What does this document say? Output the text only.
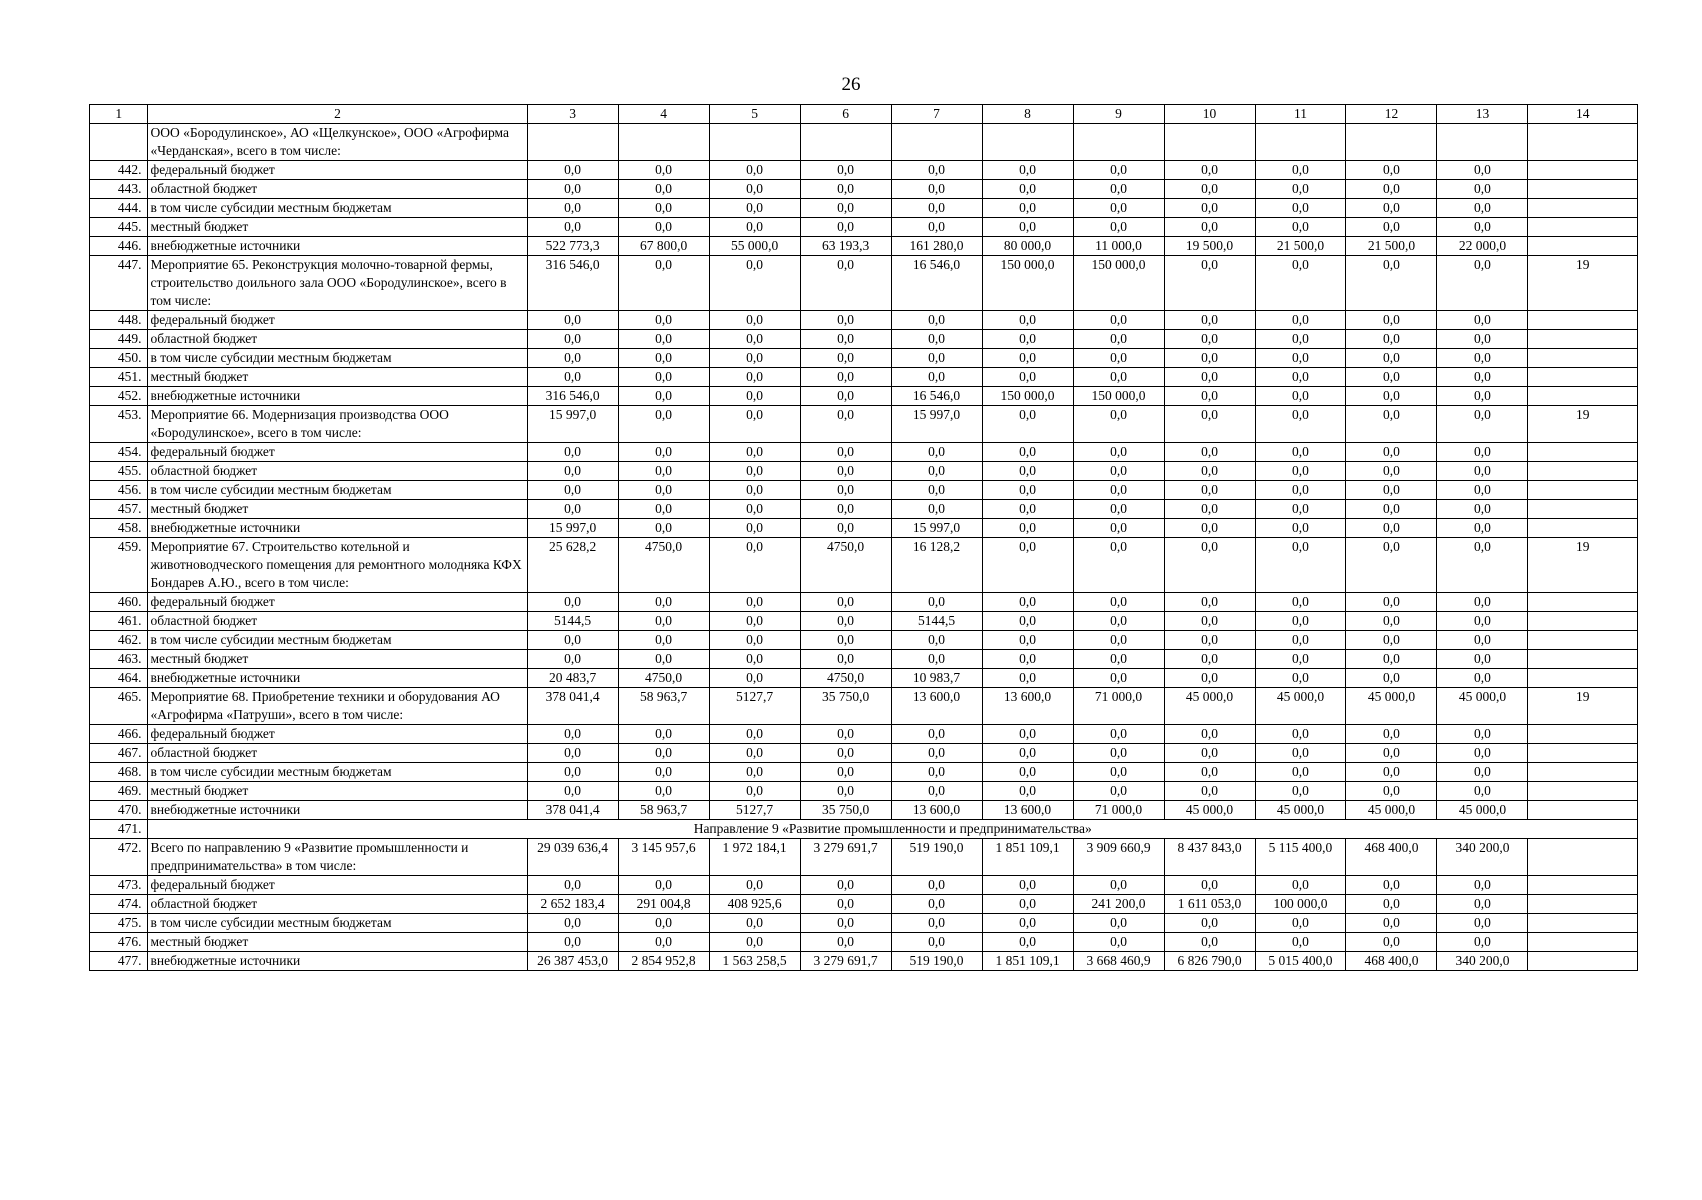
26
1	2	3	4	5	6	7	8	9	10	11	12	13	14
	ООО «Бородулинское», АО «Щелкунское», ООО «Агрофирма «Черданская», всего в том числе:												
442.	федеральный бюджет	0,0	0,0	0,0	0,0	0,0	0,0	0,0	0,0	0,0	0,0	0,0	
443.	областной бюджет	0,0	0,0	0,0	0,0	0,0	0,0	0,0	0,0	0,0	0,0	0,0	
444.	в том числе субсидии местным бюджетам	0,0	0,0	0,0	0,0	0,0	0,0	0,0	0,0	0,0	0,0	0,0	
445.	местный бюджет	0,0	0,0	0,0	0,0	0,0	0,0	0,0	0,0	0,0	0,0	0,0	
446.	внебюджетные источники	522 773,3	67 800,0	55 000,0	63 193,3	161 280,0	80 000,0	11 000,0	19 500,0	21 500,0	21 500,0	22 000,0	
447.	Мероприятие 65. Реконструкция молочно-товарной фермы, строительство доильного зала ООО «Бородулинское», всего в том числе:	316 546,0	0,0	0,0	0,0	16 546,0	150 000,0	150 000,0	0,0	0,0	0,0	0,0	19
448.	федеральный бюджет	0,0	0,0	0,0	0,0	0,0	0,0	0,0	0,0	0,0	0,0	0,0	
449.	областной бюджет	0,0	0,0	0,0	0,0	0,0	0,0	0,0	0,0	0,0	0,0	0,0	
450.	в том числе субсидии местным бюджетам	0,0	0,0	0,0	0,0	0,0	0,0	0,0	0,0	0,0	0,0	0,0	
451.	местный бюджет	0,0	0,0	0,0	0,0	0,0	0,0	0,0	0,0	0,0	0,0	0,0	
452.	внебюджетные источники	316 546,0	0,0	0,0	0,0	16 546,0	150 000,0	150 000,0	0,0	0,0	0,0	0,0	
453.	Мероприятие 66. Модернизация производства ООО «Бородулинское», всего в том числе:	15 997,0	0,0	0,0	0,0	15 997,0	0,0	0,0	0,0	0,0	0,0	0,0	19
454.	федеральный бюджет	0,0	0,0	0,0	0,0	0,0	0,0	0,0	0,0	0,0	0,0	0,0	
455.	областной бюджет	0,0	0,0	0,0	0,0	0,0	0,0	0,0	0,0	0,0	0,0	0,0	
456.	в том числе субсидии местным бюджетам	0,0	0,0	0,0	0,0	0,0	0,0	0,0	0,0	0,0	0,0	0,0	
457.	местный бюджет	0,0	0,0	0,0	0,0	0,0	0,0	0,0	0,0	0,0	0,0	0,0	
458.	внебюджетные источники	15 997,0	0,0	0,0	0,0	15 997,0	0,0	0,0	0,0	0,0	0,0	0,0	
459.	Мероприятие 67. Строительство котельной и животноводческого помещения для ремонтного молодняка КФХ Бондарев А.Ю., всего в том числе:	25 628,2	4750,0	0,0	4750,0	16 128,2	0,0	0,0	0,0	0,0	0,0	0,0	19
460.	федеральный бюджет	0,0	0,0	0,0	0,0	0,0	0,0	0,0	0,0	0,0	0,0	0,0	
461.	областной бюджет	5144,5	0,0	0,0	0,0	5144,5	0,0	0,0	0,0	0,0	0,0	0,0	
462.	в том числе субсидии местным бюджетам	0,0	0,0	0,0	0,0	0,0	0,0	0,0	0,0	0,0	0,0	0,0	
463.	местный бюджет	0,0	0,0	0,0	0,0	0,0	0,0	0,0	0,0	0,0	0,0	0,0	
464.	внебюджетные источники	20 483,7	4750,0	0,0	4750,0	10 983,7	0,0	0,0	0,0	0,0	0,0	0,0	
465.	Мероприятие 68. Приобретение техники и оборудования АО «Агрофирма «Патруши», всего в том числе:	378 041,4	58 963,7	5127,7	35 750,0	13 600,0	13 600,0	71 000,0	45 000,0	45 000,0	45 000,0	45 000,0	19
466.	федеральный бюджет	0,0	0,0	0,0	0,0	0,0	0,0	0,0	0,0	0,0	0,0	0,0	
467.	областной бюджет	0,0	0,0	0,0	0,0	0,0	0,0	0,0	0,0	0,0	0,0	0,0	
468.	в том числе субсидии местным бюджетам	0,0	0,0	0,0	0,0	0,0	0,0	0,0	0,0	0,0	0,0	0,0	
469.	местный бюджет	0,0	0,0	0,0	0,0	0,0	0,0	0,0	0,0	0,0	0,0	0,0	
470.	внебюджетные источники	378 041,4	58 963,7	5127,7	35 750,0	13 600,0	13 600,0	71 000,0	45 000,0	45 000,0	45 000,0	45 000,0	
471.	Направление 9 «Развитие промышленности и предпринимательства»												
472.	Всего по направлению 9 «Развитие промышленности и предпринимательства» в том числе:	29 039 636,4	3 145 957,6	1 972 184,1	3 279 691,7	519 190,0	1 851 109,1	3 909 660,9	8 437 843,0	5 115 400,0	468 400,0	340 200,0	
473.	федеральный бюджет	0,0	0,0	0,0	0,0	0,0	0,0	0,0	0,0	0,0	0,0	0,0	
474.	областной бюджет	2 652 183,4	291 004,8	408 925,6	0,0	0,0	0,0	241 200,0	1 611 053,0	100 000,0	0,0	0,0	
475.	в том числе субсидии местным бюджетам	0,0	0,0	0,0	0,0	0,0	0,0	0,0	0,0	0,0	0,0	0,0	
476.	местный бюджет	0,0	0,0	0,0	0,0	0,0	0,0	0,0	0,0	0,0	0,0	0,0	
477.	внебюджетные источники	26 387 453,0	2 854 952,8	1 563 258,5	3 279 691,7	519 190,0	1 851 109,1	3 668 460,9	6 826 790,0	5 015 400,0	468 400,0	340 200,0	
